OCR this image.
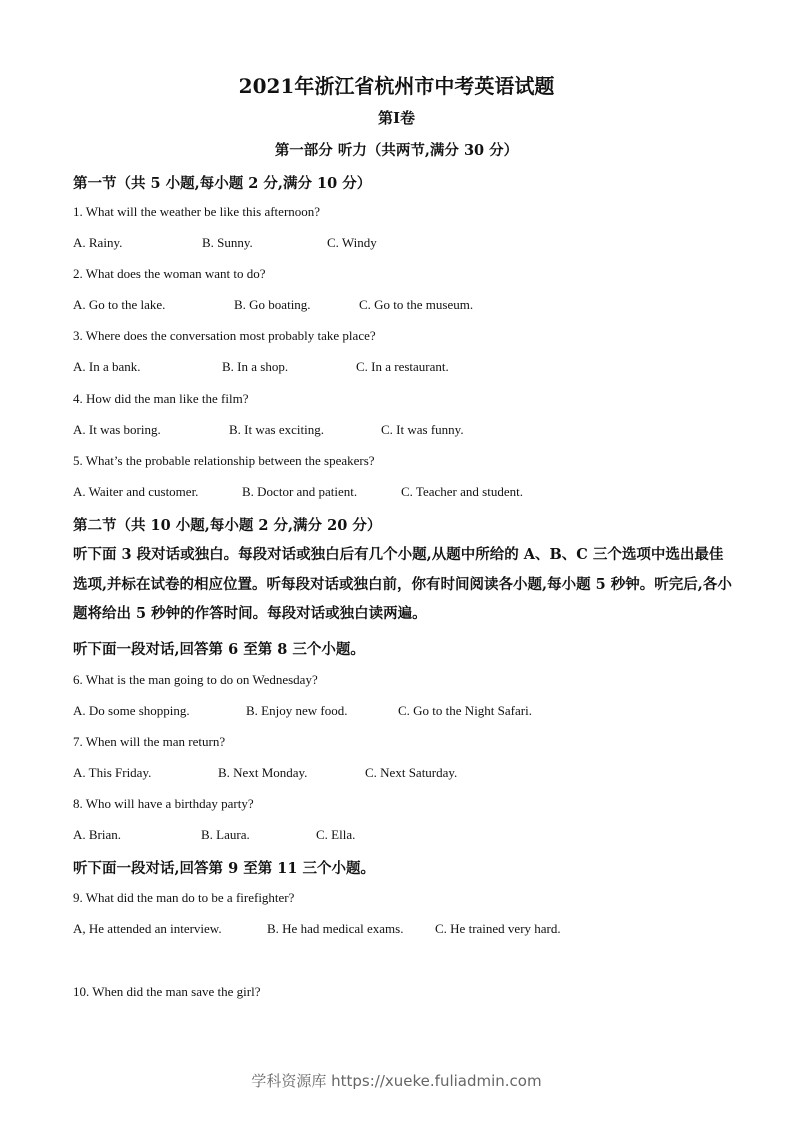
2021年浙江省杭州市中考英语试题
第Ⅰ卷
第一部分 听力（共两节,满分 30 分）
第一节（共 5 小题,每小题 2 分,满分 10 分）
1. What will the weather be like this afternoon?
A. Rainy.	B. Sunny.	C. Windy
2. What does the woman want to do?
A. Go to the lake.	B. Go boating.	C. Go to the museum.
3. Where does the conversation most probably take place?
A. In a bank.	B. In a shop.	C. In a restaurant.
4. How did the man like the film?
A. It was boring.	B. It was exciting.	C. It was funny.
5. What’s the probable relationship between the speakers?
A. Waiter and customer.	B. Doctor and patient.	C. Teacher and student.
第二节（共 10 小题,每小题 2 分,满分 20 分）
听下面 3 段对话或独白。每段对话或独白后有几个小题,从题中所给的 A、B、C 三个选项中选出最佳选项,并标在试卷的相应位置。听每段对话或独白前，你有时间阅读各小题,每小题 5 秒钟。听完后,各小题将给出 5 秒钟的作答时间。每段对话或独白读两遍。
听下面一段对话,回答第 6 至第 8 三个小题。
6. What is the man going to do on Wednesday?
A. Do some shopping.	B. Enjoy new food.	C. Go to the Night Safari.
7. When will the man return?
A. This Friday.	B. Next Monday.	C. Next Saturday.
8. Who will have a birthday party?
A. Brian.	B. Laura.	C. Ella.
听下面一段对话,回答第 9 至第 11 三个小题。
9. What did the man do to be a firefighter?
A, He attended an interview.	B. He had medical exams. C. He trained very hard.
10. When did the man save the girl?
学科资源库 https://xueke.fuliadmin.com
